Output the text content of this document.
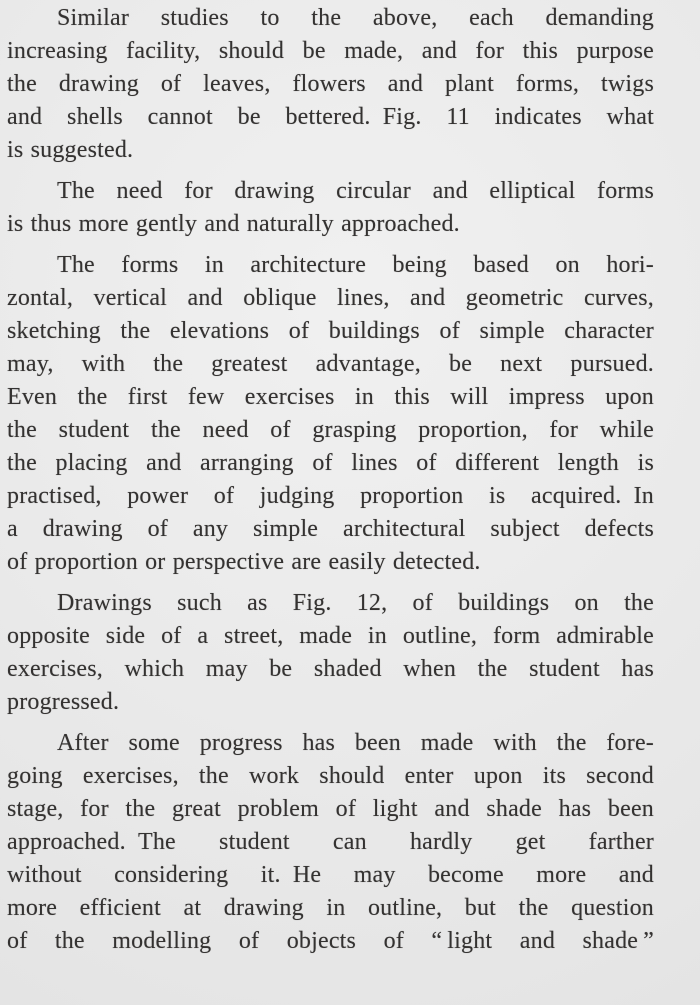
Similar studies to the above, each demanding
increasing facility, should be made, and for this purpose
the drawing of leaves, flowers and plant forms, twigs
and shells cannot be bettered. Fig. 11 indicates what
is suggested.

The need for drawing circular and elliptical forms
is thus more gently and naturally approached.

The forms in architecture being based on hori-
zontal, vertical and oblique lines, and geometric curves,
sketching the elevations of buildings of simple character
may, with the greatest advantage, be next pursued.
Even the first few exercises in this will impress upon
the student the need of grasping proportion, for while
the placing and arranging of lines of different length is
practised, power of judging proportion is acquired. In
a drawing of any simple architectural subject defects
of proportion or perspective are easily detected.

Drawings such as Fig. 12, of buildings on the
opposite side of a street, made in outline, form admirable
exercises, which may be shaded when the student has
progressed.

After some progress has been made with the fore-
going exercises, the work should enter upon its second
stage, for the great problem of light and shade has been
approached. The student can hardly get farther
without considering it. He may become more and
more efficient at drawing in outline, but the question
of the modelling of objects of “ light and shade ”
